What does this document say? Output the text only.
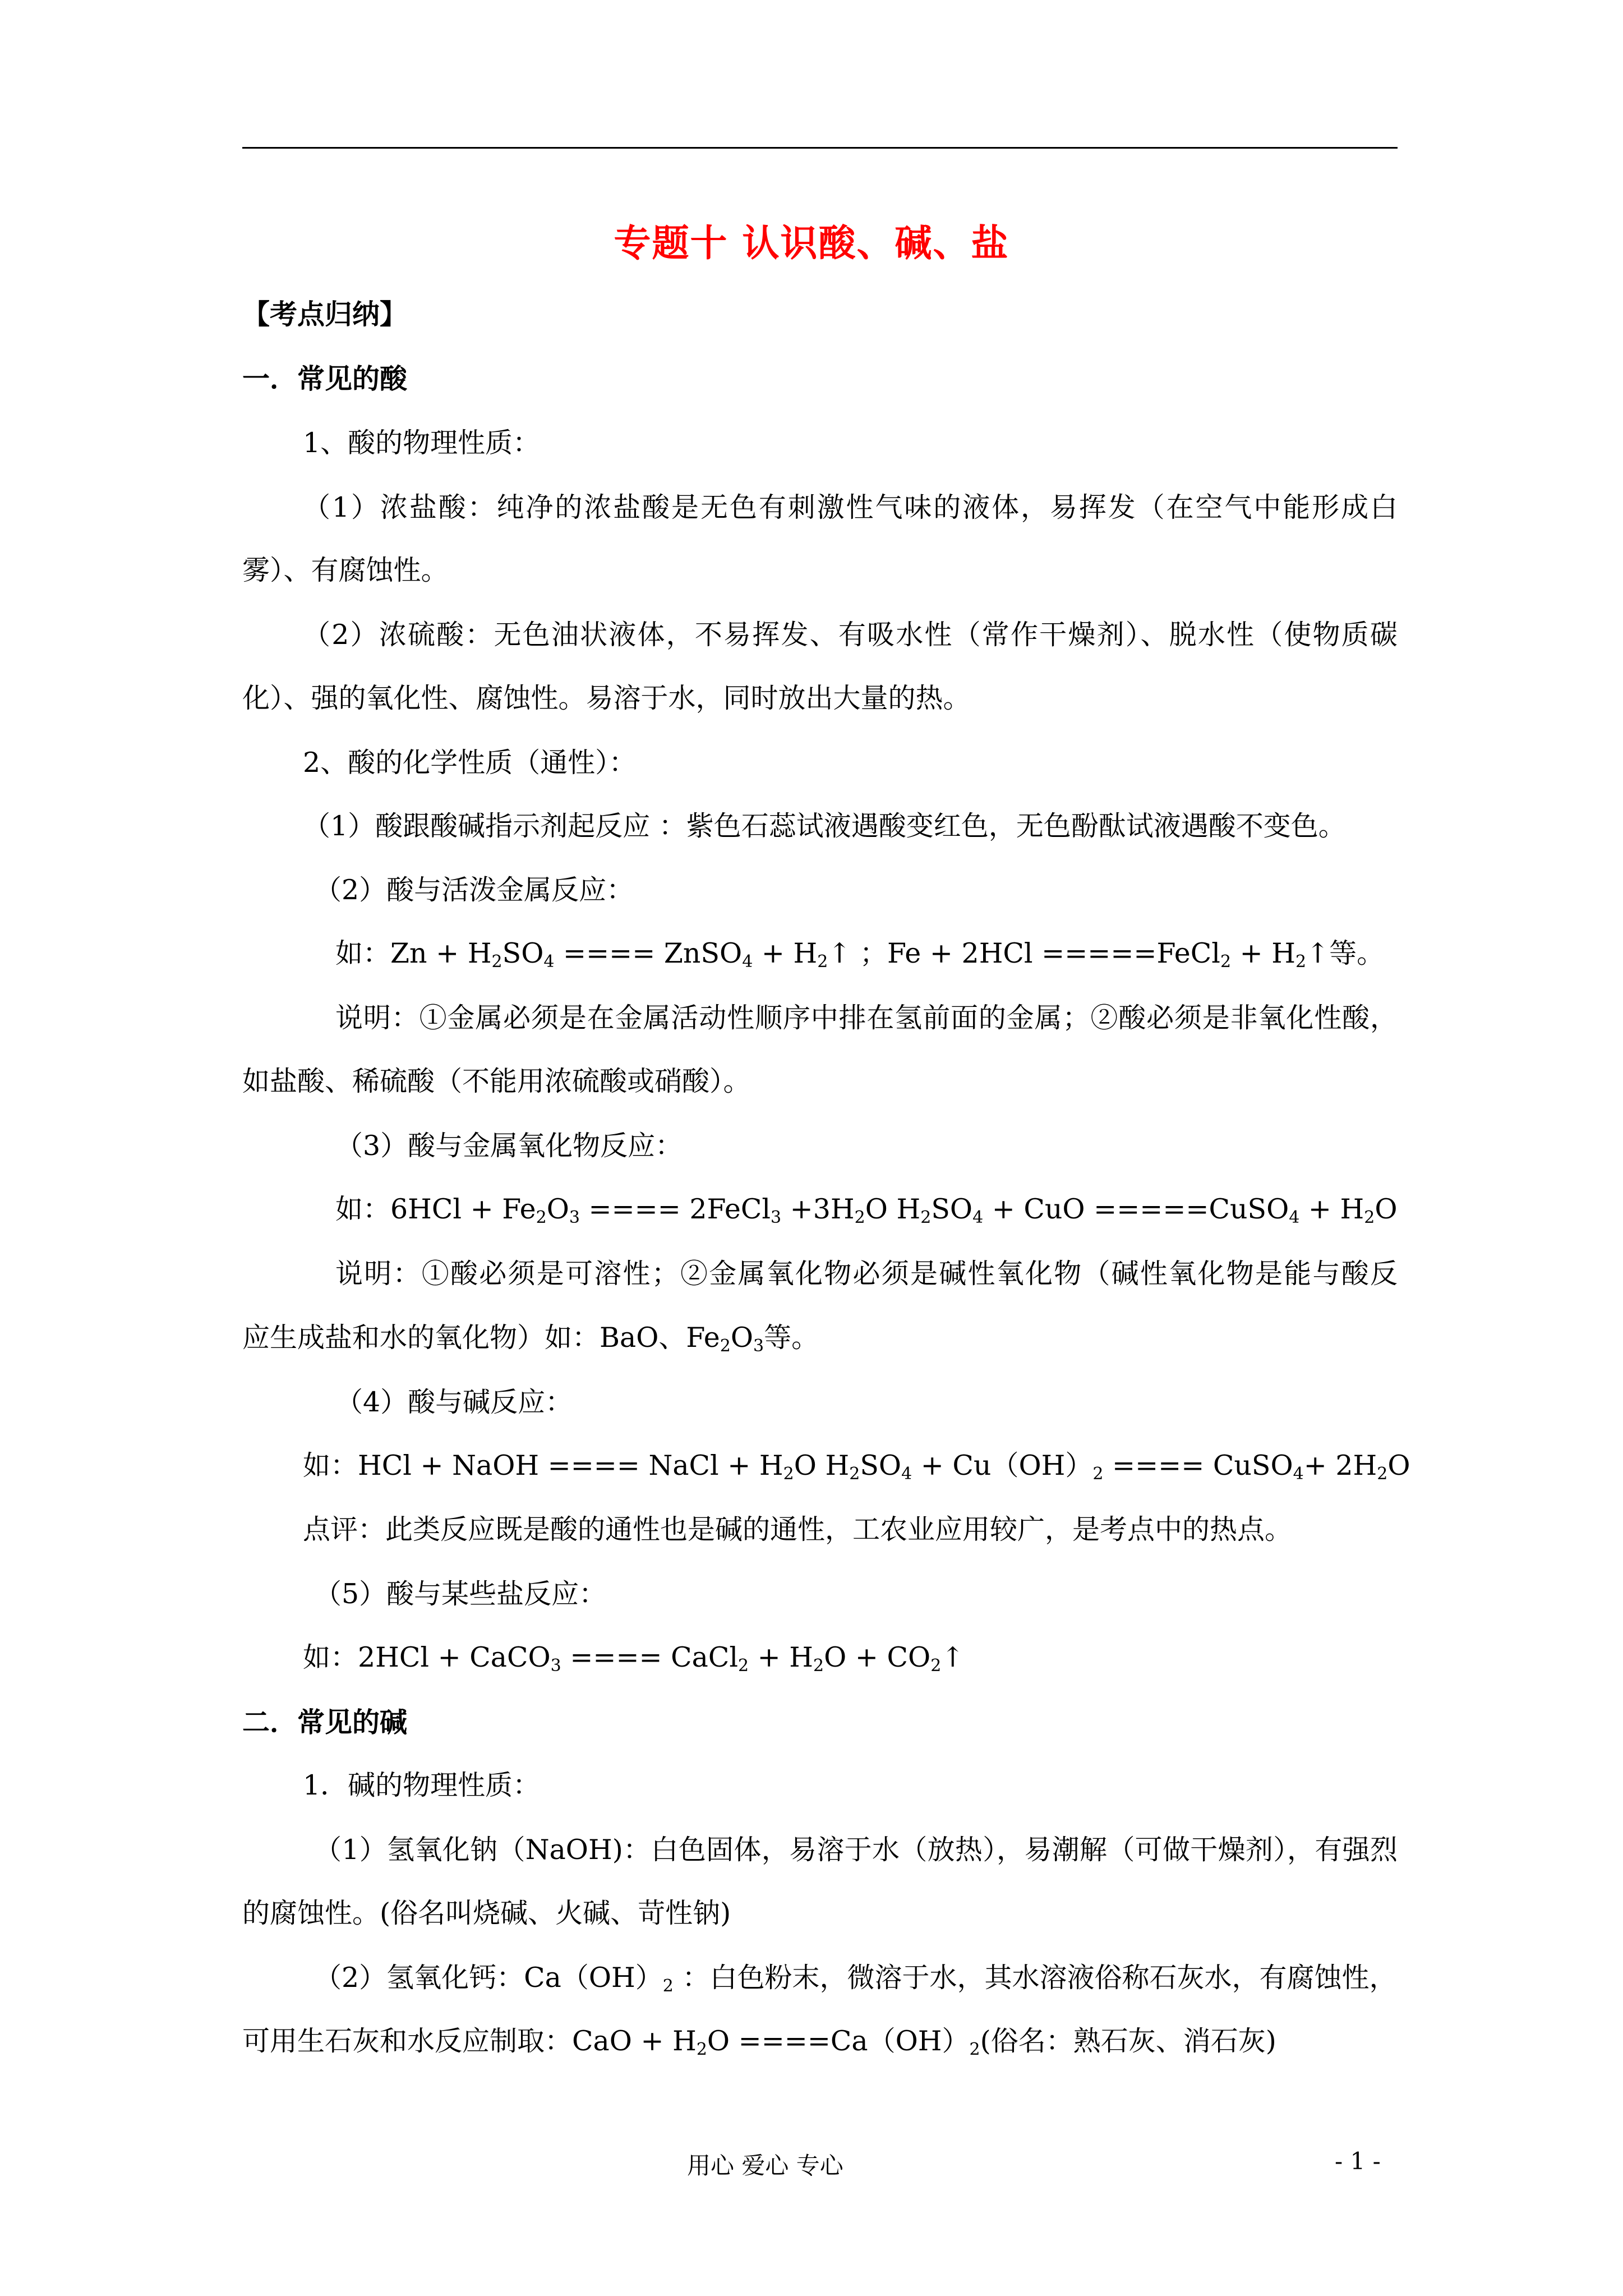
专题十 认识酸、碱、盐
【考点归纳】
一．常见的酸
1、酸的物理性质：
（1）浓盐酸：纯净的浓盐酸是无色有刺激性气味的液体，易挥发（在空气中能形成白
雾）、有腐蚀性。
（2）浓硫酸：无色油状液体，不易挥发、有吸水性（常作干燥剂）、脱水性（使物质碳
化）、强的氧化性、腐蚀性。易溶于水，同时放出大量的热。
2、酸的化学性质（通性）：
（1）酸跟酸碱指示剂起反应 ：紫色石蕊试液遇酸变红色，无色酚酞试液遇酸不变色。
（2）酸与活泼金属反应：
如：$Zn + H_2SO_4$ ==== ZnSO$_4$ + $H_2↑$ ；Fe + 2HCl =====FeCl$_2$ + $H_2↑$等。
说明：①金属必须是在金属活动性顺序中排在氢前面的金属；②酸必须是非氧化性酸，
如盐酸、稀硫酸（不能用浓硫酸或硝酸）。
（3）酸与金属氧化物反应：
如：$6HCl + Fe_2O_3$ ==== 2FeCl$_3$ $+3H_2O$ $H_2SO_4$ + CuO =====CuSO$_4$ + $H_2O$
说明：①酸必须是可溶性；②金属氧化物必须是碱性氧化物（碱性氧化物是能与酸反
应生成盐和水的氧化物）如：BaO、$Fe_2O_3$等。
（4）酸与碱反应：
如：HCl + NaOH ==== NaCl + $H_2O$ $H_2SO_4 + Cu(OH)_2$ ==== CuSO$_4$+ $2H_2O$
点评：此类反应既是酸的通性也是碱的通性，工农业应用较广，是考点中的热点。
（5）酸与某些盐反应：
如：2HCl + CaCO$_3$ ==== CaCl$_2$ + $H_2O$ + $CO_2↑$
二．常见的碱
1．碱的物理性质：
（1）氢氧化钠（NaOH)：白色固体，易溶于水（放热），易潮解（可做干燥剂），有强烈
的腐蚀性。(俗名叫烧碱、火碱、苛性钠)
（2）氢氧化钙：$Ca(OH)_2$ ：白色粉末，微溶于水，其水溶液俗称石灰水，有腐蚀性，
可用生石灰和水反应制取：CaO + $H_2O ====Ca(OH)_2$(俗名：熟石灰、消石灰)
用心 爱心 专心	- 1 -
